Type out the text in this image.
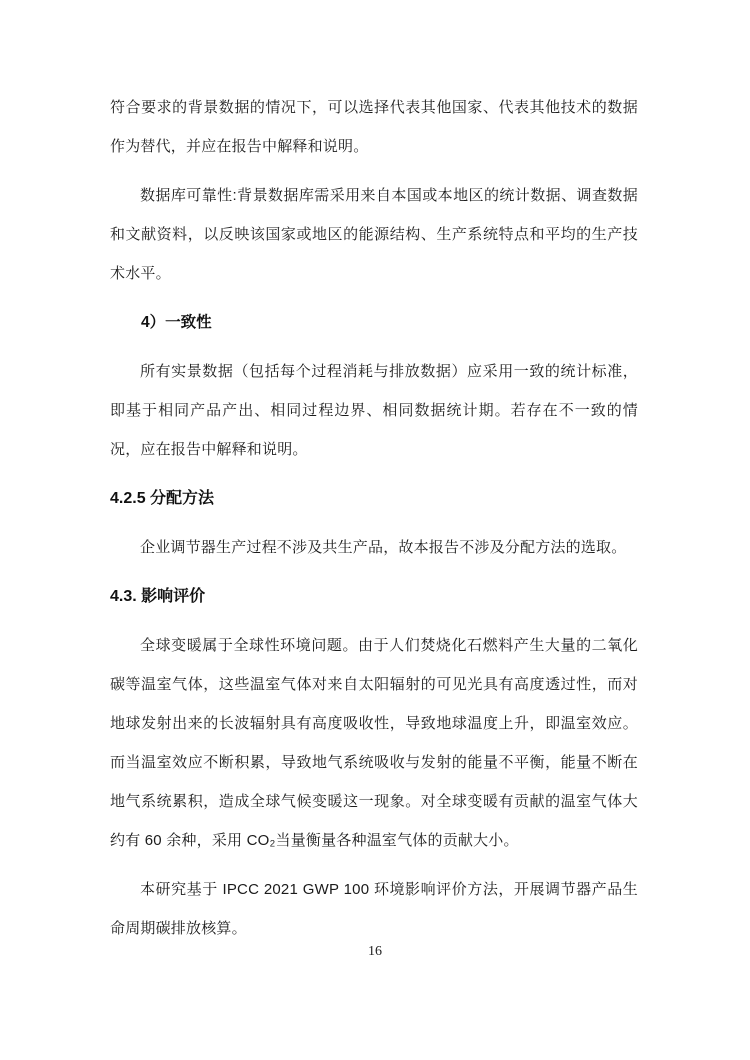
符合要求的背景数据的情况下，可以选择代表其他国家、代表其他技术的数据作为替代，并应在报告中解释和说明。

数据库可靠性:背景数据库需采用来自本国或本地区的统计数据、调查数据和文献资料，以反映该国家或地区的能源结构、生产系统特点和平均的生产技术水平。

4）一致性

所有实景数据（包括每个过程消耗与排放数据）应采用一致的统计标准，即基于相同产品产出、相同过程边界、相同数据统计期。若存在不一致的情况，应在报告中解释和说明。

4.2.5 分配方法

企业调节器生产过程不涉及共生产品，故本报告不涉及分配方法的选取。

4.3. 影响评价

全球变暖属于全球性环境问题。由于人们焚烧化石燃料产生大量的二氧化碳等温室气体，这些温室气体对来自太阳辐射的可见光具有高度透过性，而对地球发射出来的长波辐射具有高度吸收性，导致地球温度上升，即温室效应。而当温室效应不断积累，导致地气系统吸收与发射的能量不平衡，能量不断在地气系统累积，造成全球气候变暖这一现象。对全球变暖有贡献的温室气体大约有 60 余种，采用 CO₂当量衡量各种温室气体的贡献大小。

本研究基于 IPCC 2021 GWP 100 环境影响评价方法，开展调节器产品生命周期碳排放核算。

16
